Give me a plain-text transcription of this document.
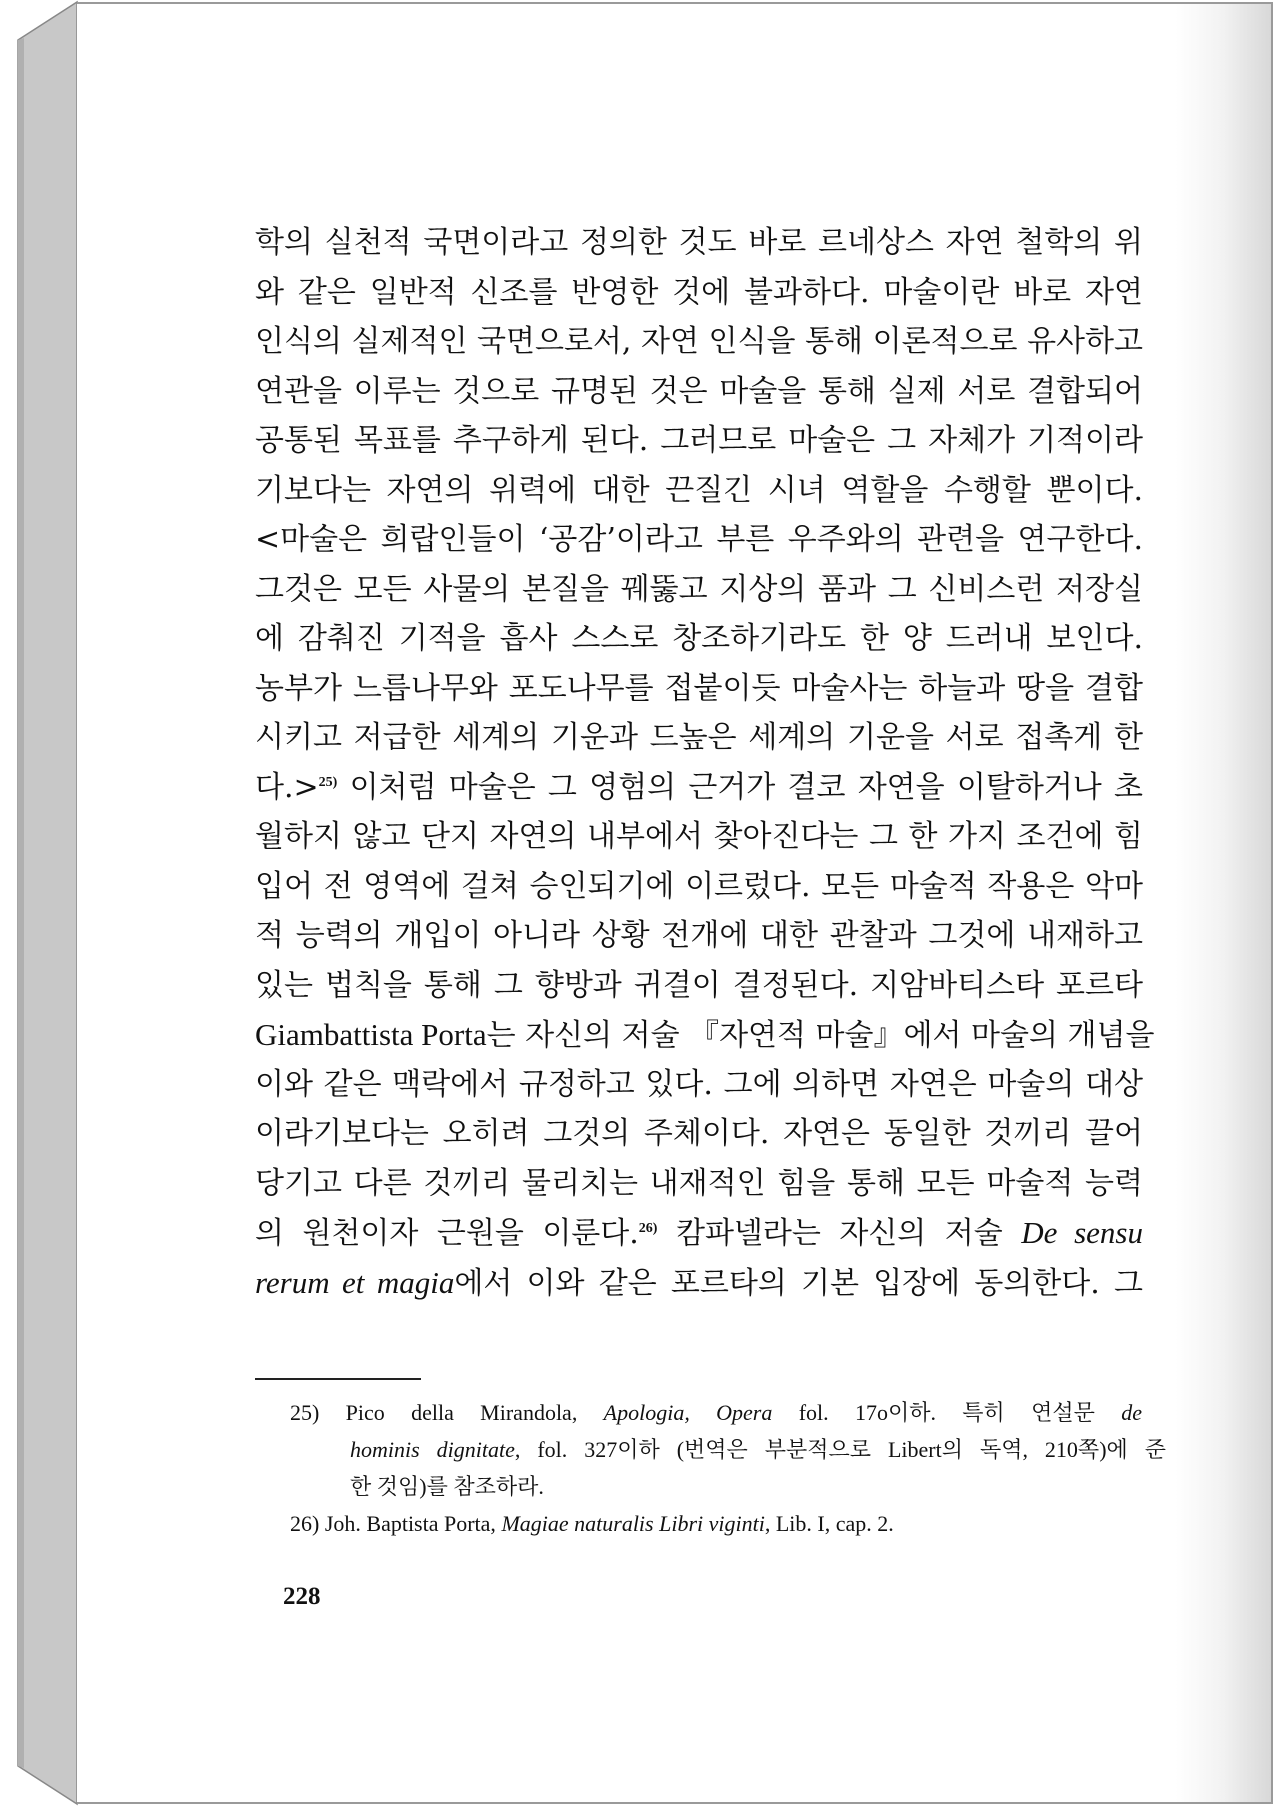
학의 실천적 국면이라고 정의한 것도 바로 르네상스 자연 철학의 위
와 같은 일반적 신조를 반영한 것에 불과하다. 마술이란 바로 자연
인식의 실제적인 국면으로서, 자연 인식을 통해 이론적으로 유사하고
연관을 이루는 것으로 규명된 것은 마술을 통해 실제 서로 결합되어
공통된 목표를 추구하게 된다. 그러므로 마술은 그 자체가 기적이라
기보다는 자연의 위력에 대한 끈질긴 시녀 역할을 수행할 뿐이다.
<마술은 희랍인들이 ‘공감’이라고 부른 우주와의 관련을 연구한다.
그것은 모든 사물의 본질을 꿰뚫고 지상의 품과 그 신비스런 저장실
에 감춰진 기적을 흡사 스스로 창조하기라도 한 양 드러내 보인다.
농부가 느릅나무와 포도나무를 접붙이듯 마술사는 하늘과 땅을 결합
시키고 저급한 세계의 기운과 드높은 세계의 기운을 서로 접촉게 한
다.>$^{25)}$ 이처럼 마술은 그 영험의 근거가 결코 자연을 이탈하거나 초
월하지 않고 단지 자연의 내부에서 찾아진다는 그 한 가지 조건에 힘
입어 전 영역에 걸쳐 승인되기에 이르렀다. 모든 마술적 작용은 악마
적 능력의 개입이 아니라 상황 전개에 대한 관찰과 그것에 내재하고
있는 법칙을 통해 그 향방과 귀결이 결정된다. 지암바티스타 포르타
Giambattista Porta는 자신의 저술 『자연적 마술』에서 마술의 개념을
이와 같은 맥락에서 규정하고 있다. 그에 의하면 자연은 마술의 대상
이라기보다는 오히려 그것의 주체이다. 자연은 동일한 것끼리 끌어
당기고 다른 것끼리 물리치는 내재적인 힘을 통해 모든 마술적 능력
의 원천이자 근원을 이룬다.$^{26)}$ 캄파넬라는 자신의 저술 De sensu
rerum et magia에서 이와 같은 포르타의 기본 입장에 동의한다. 그
25) Pico della Mirandola, Apologia, Opera fol. 17o이하. 특히 연설문 de
hominis dignitate, fol. 327이하 (번역은 부분적으로 Libert의 독역, 210쪽)에 준
한 것임)를 참조하라.
26) Joh. Baptista Porta, Magiae naturalis Libri viginti, Lib. I, cap. 2.
228
